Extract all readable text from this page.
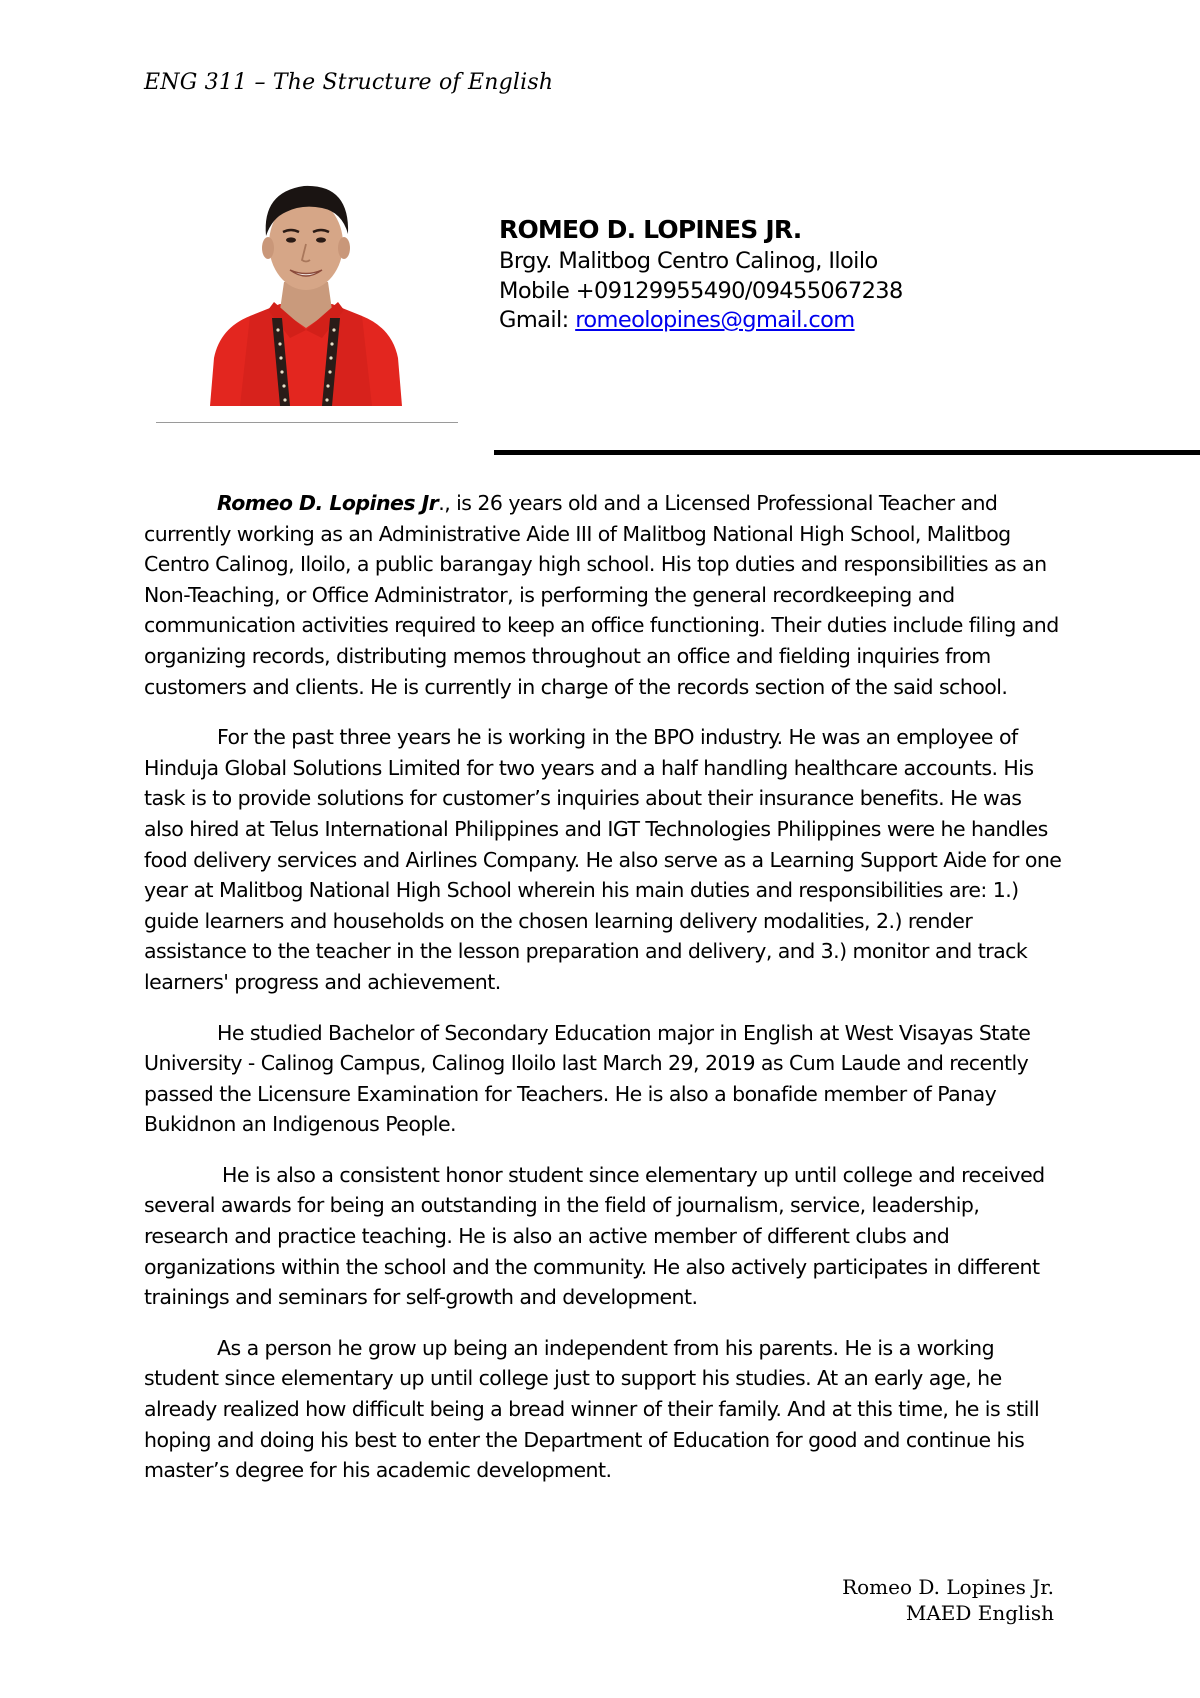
ENG 311 – The Structure of English
ROMEO D. LOPINES JR.
Brgy. Malitbog Centro Calinog, Iloilo
Mobile +09129955490/09455067238
Gmail: romeolopines@gmail.com

Romeo D. Lopines Jr., is 26 years old and a Licensed Professional Teacher and currently working as an Administrative Aide III of Malitbog National High School, Malitbog Centro Calinog, Iloilo, a public barangay high school. His top duties and responsibilities as an Non-Teaching, or Office Administrator, is performing the general recordkeeping and communication activities required to keep an office functioning. Their duties include filing and organizing records, distributing memos throughout an office and fielding inquiries from customers and clients. He is currently in charge of the records section of the said school.

For the past three years he is working in the BPO industry. He was an employee of Hinduja Global Solutions Limited for two years and a half handling healthcare accounts. His task is to provide solutions for customer’s inquiries about their insurance benefits. He was also hired at Telus International Philippines and IGT Technologies Philippines were he handles food delivery services and Airlines Company. He also serve as a Learning Support Aide for one year at Malitbog National High School wherein his main duties and responsibilities are: 1.) guide learners and households on the chosen learning delivery modalities, 2.) render assistance to the teacher in the lesson preparation and delivery, and 3.) monitor and track learners' progress and achievement.

He studied Bachelor of Secondary Education major in English at West Visayas State University - Calinog Campus, Calinog Iloilo last March 29, 2019 as Cum Laude and recently passed the Licensure Examination for Teachers. He is also a bonafide member of Panay Bukidnon an Indigenous People.

He is also a consistent honor student since elementary up until college and received several awards for being an outstanding in the field of journalism, service, leadership, research and practice teaching. He is also an active member of different clubs and organizations within the school and the community. He also actively participates in different trainings and seminars for self-growth and development.

As a person he grow up being an independent from his parents. He is a working student since elementary up until college just to support his studies. At an early age, he already realized how difficult being a bread winner of their family. And at this time, he is still hoping and doing his best to enter the Department of Education for good and continue his master’s degree for his academic development.

Romeo D. Lopines Jr.
MAED English
